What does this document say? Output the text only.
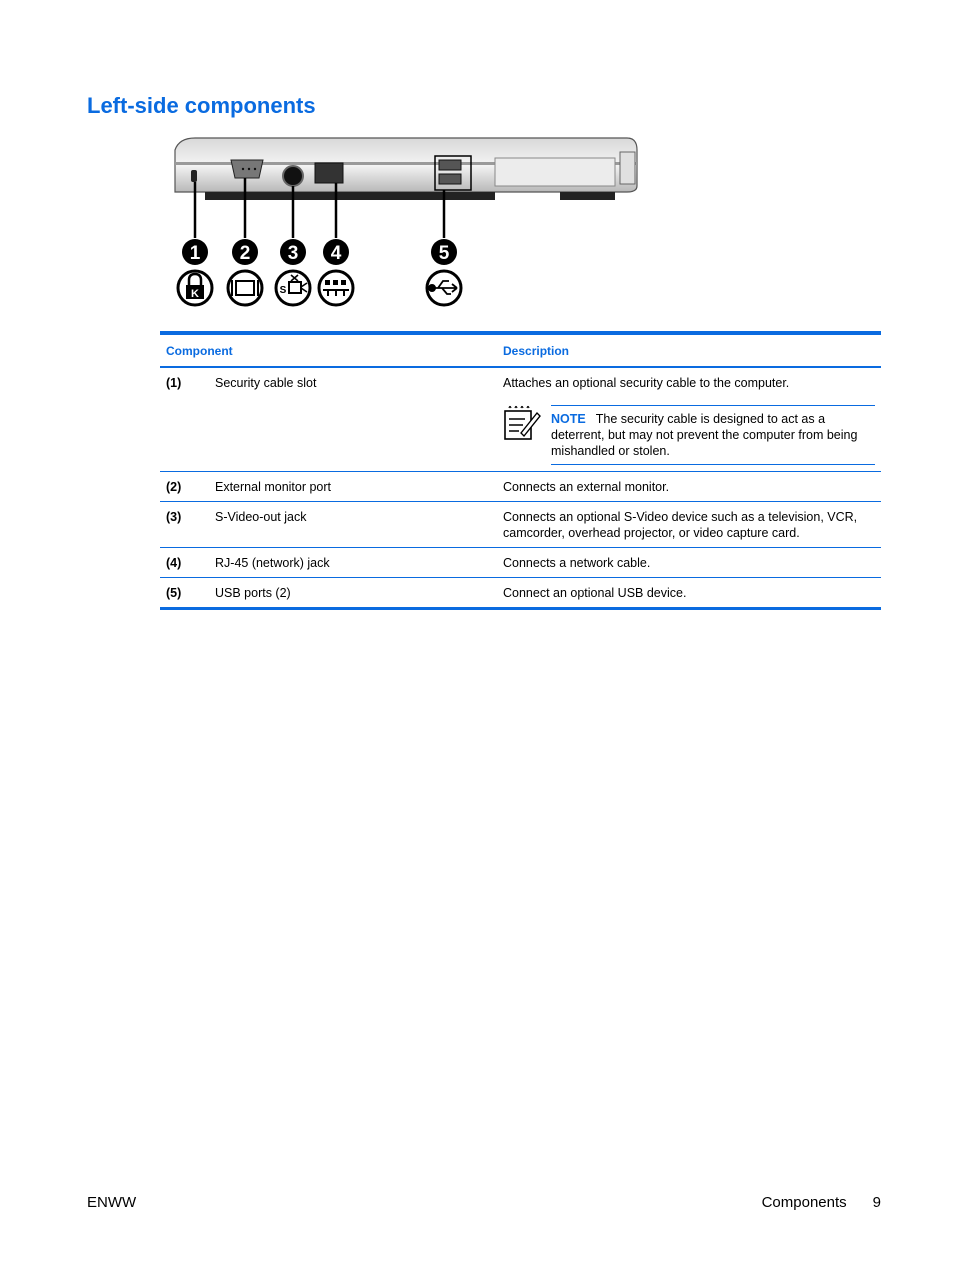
Left-side components
1 2 3 4	5
K	S
Component	Description
(1)	Security cable slot	Attaches an optional security cable to the computer.
NOTE The security cable is designed to act as a deterrent, but may not prevent the computer from being mishandled or stolen.
(2)	External monitor port	Connects an external monitor.
(3)	S-Video-out jack	Connects an optional S-Video device such as a television, VCR, camcorder, overhead projector, or video capture card.
(4)	RJ-45 (network) jack	Connects a network cable.
(5)	USB ports (2)	Connect an optional USB device.
ENWW	Components 9
